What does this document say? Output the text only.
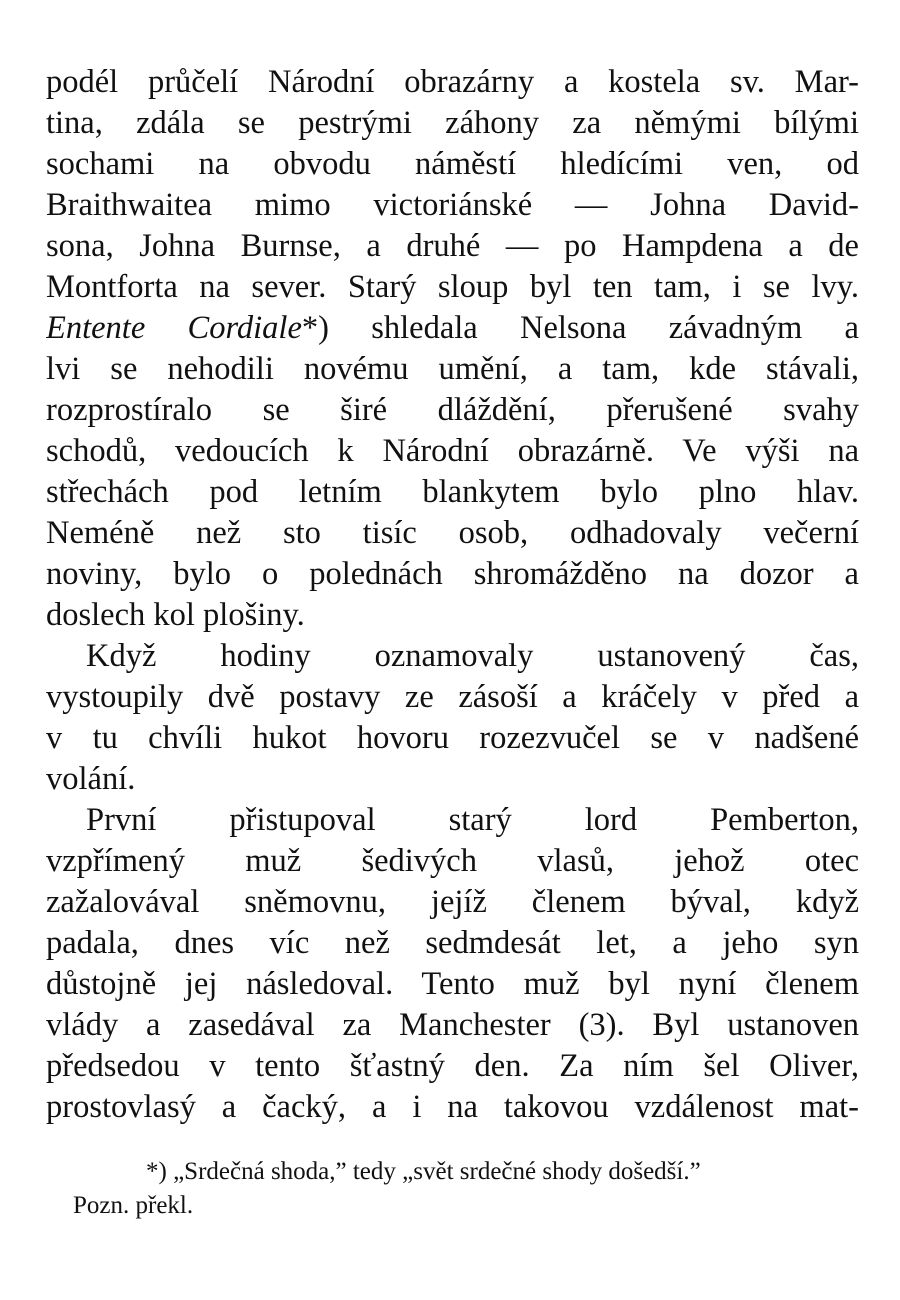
podél průčelí Národní obrazárny a kostela sv. Mar-
tina, zdála se pestrými záhony za němými bílými
sochami na obvodu náměstí hledícími ven, od
Braithwaitea mimo victoriánské — Johna David-
sona, Johna Burnse, a druhé — po Hampdena a de
Montforta na sever. Starý sloup byl ten tam, i se lvy.
Entente Cordiale*) shledala Nelsona závadným a
lvi se nehodili novému umění, a tam, kde stávali,
rozprostíralo se širé dláždění, přerušené svahy
schodů, vedoucích k Národní obrazárně. Ve výši na
střechách pod letním blankytem bylo plno hlav.
Neméně než sto tisíc osob, odhadovaly večerní
noviny, bylo o polednách shromážděno na dozor a
doslech kol plošiny.
Když hodiny oznamovaly ustanovený čas,
vystoupily dvě postavy ze zásoší a kráčely v před a
v tu chvíli hukot hovoru rozezvučel se v nadšené
volání.
První přistupoval starý lord Pemberton,
vzpřímený muž šedivých vlasů, jehož otec
zažalovával sněmovnu, jejíž členem býval, když
padala, dnes víc než sedmdesát let, a jeho syn
důstojně jej následoval. Tento muž byl nyní členem
vlády a zasedával za Manchester (3). Byl ustanoven
předsedou v tento šťastný den. Za ním šel Oliver,
prostovlasý a čacký, a i na takovou vzdálenost mat-
*) „Srdečná shoda,” tedy „svět srdečné shody došedší.”
Pozn. překl.
